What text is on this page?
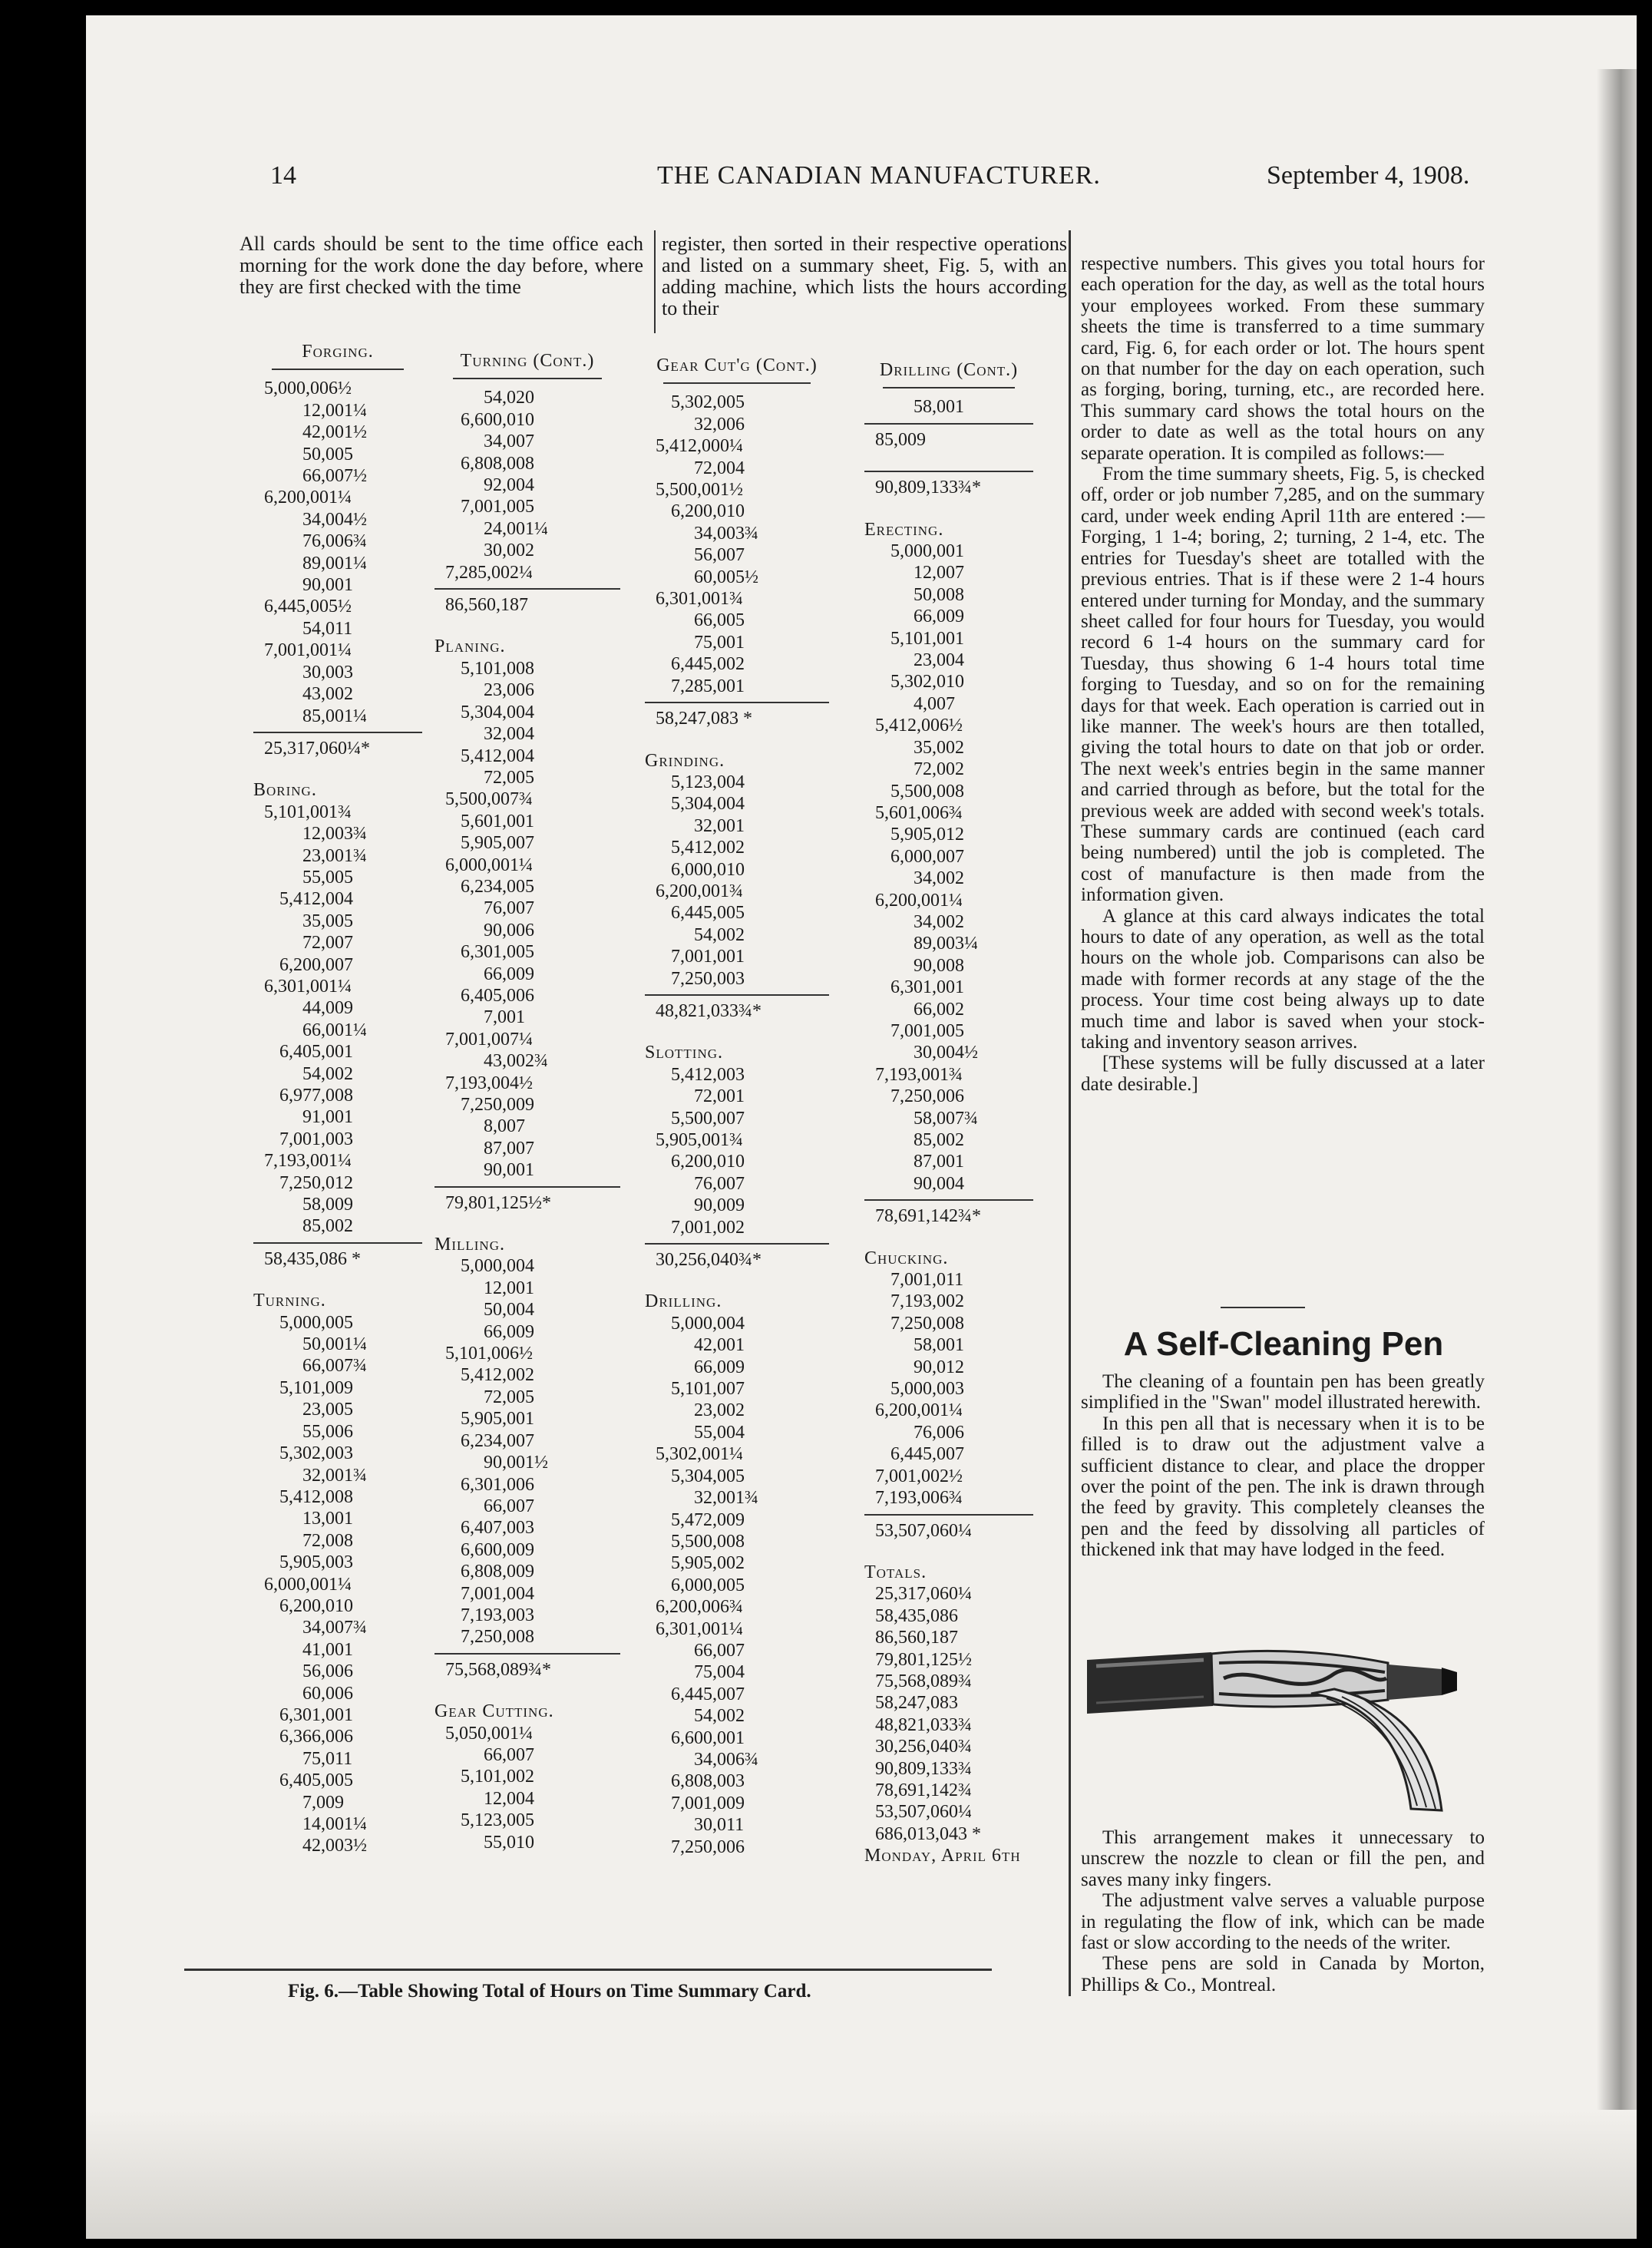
14	THE CANADIAN MANUFACTURER.	September 4, 1908.

All cards should be sent to the time office each morning for the work done the day before, where they are first checked with the time

register, then sorted in their respective operations and listed on a summary sheet, Fig. 5, with an adding machine, which lists the hours according to their

Forging.
5,000,006½
12,001¼
42,001½
50,005
66,007½
6,200,001¼
34,004½
76,006¾
89,001¼
90,001
6,445,005½
54,011
7,001,001¼
30,003
43,002
85,001¼
25,317,060¼*
Boring.
5,101,001¾
12,003¾
23,001¾
55,005
5,412,004
35,005
72,007
6,200,007
6,301,001¼
44,009
66,001¼
6,405,001
54,002
6,977,008
91,001
7,001,003
7,193,001¼
7,250,012
58,009
85,002
58,435,086 *
Turning.
5,000,005
50,001¼
66,007¾
5,101,009
23,005
55,006
5,302,003
32,001¾
5,412,008
13,001
72,008
5,905,003
6,000,001¼
6,200,010
34,007¾
41,001
56,006
60,006
6,301,001
6,366,006
75,011
6,405,005
7,009
14,001¼
42,003½
Turning (Cont.)
54,020
6,600,010
34,007
6,808,008
92,004
7,001,005
24,001¼
30,002
7,285,002¼
86,560,187
Planing.
5,101,008
23,006
5,304,004
32,004
5,412,004
72,005
5,500,007¾
5,601,001
5,905,007
6,000,001¼
6,234,005
76,007
90,006
6,301,005
66,009
6,405,006
7,001
7,001,007¼
43,002¾
7,193,004½
7,250,009
8,007
87,007
90,001
79,801,125½*
Milling.
5,000,004
12,001
50,004
66,009
5,101,006½
5,412,002
72,005
5,905,001
6,234,007
90,001½
6,301,006
66,007
6,407,003
6,600,009
6,808,009
7,001,004
7,193,003
7,250,008
75,568,089¾*
Gear Cutting.
5,050,001¼
66,007
5,101,002
12,004
5,123,005
55,010
Gear Cut'g (Cont.)
5,302,005
32,006
5,412,000¼
72,004
5,500,001½
6,200,010
34,003¾
56,007
60,005½
6,301,001¾
66,005
75,001
6,445,002
7,285,001
58,247,083 *
Grinding.
5,123,004
5,304,004
32,001
5,412,002
6,000,010
6,200,001¾
6,445,005
54,002
7,001,001
7,250,003
48,821,033¾*
Slotting.
5,412,003
72,001
5,500,007
5,905,001¾
6,200,010
76,007
90,009
7,001,002
30,256,040¾*
Drilling.
5,000,004
42,001
66,009
5,101,007
23,002
55,004
5,302,001¼
5,304,005
32,001¾
5,472,009
5,500,008
5,905,002
6,000,005
6,200,006¾
6,301,001¼
66,007
75,004
6,445,007
54,002
6,600,001
34,006¾
6,808,003
7,001,009
30,011
7,250,006
Drilling (Cont.)
58,001
85,009
90,809,133¾*
Erecting.
5,000,001
12,007
50,008
66,009
5,101,001
23,004
5,302,010
4,007
5,412,006½
35,002
72,002
5,500,008
5,601,006¾
5,905,012
6,000,007
34,002
6,200,001¼
34,002
89,003¼
90,008
6,301,001
66,002
7,001,005
30,004½
7,193,001¾
7,250,006
58,007¾
85,002
87,001
90,004
78,691,142¾*
Chucking.
7,001,011
7,193,002
7,250,008
58,001
90,012
5,000,003
6,200,001¼
76,006
6,445,007
7,001,002½
7,193,006¾
53,507,060¼
Totals.
25,317,060¼
58,435,086
86,560,187
79,801,125½
75,568,089¾
58,247,083
48,821,033¾
30,256,040¾
90,809,133¾
78,691,142¾
53,507,060¼
686,013,043 *
Monday, April 6th
Fig. 6.—Table Showing Total of Hours on Time Summary Card.

respective numbers. This gives you total hours for each operation for the day, as well as the total hours your employees worked. From these summary sheets the time is transferred to a time summary card, Fig. 6, for each order or lot. The hours spent on that number for the day on each operation, such as forging, boring, turning, etc., are recorded here. This summary card shows the total hours on the order to date as well as the total hours on any separate operation. It is compiled as follows:—

From the time summary sheets, Fig. 5, is checked off, order or job number 7,285, and on the summary card, under week ending April 11th are entered :—Forging, 1 1-4; boring, 2; turning, 2 1-4, etc. The entries for Tuesday's sheet are totalled with the previous entries. That is if these were 2 1-4 hours entered under turning for Monday, and the summary sheet called for four hours for Tuesday, you would record 6 1-4 hours on the summary card for Tuesday, thus showing 6 1-4 hours total time forging to Tuesday, and so on for the remaining days for that week. Each operation is carried out in like manner. The week's hours are then totalled, giving the total hours to date on that job or order. The next week's entries begin in the same manner and carried through as before, but the total for the previous week are added with second week's totals. These summary cards are continued (each card being numbered) until the job is completed. The cost of manufacture is then made from the information given.

A glance at this card always indicates the total hours to date of any operation, as well as the total hours on the whole job. Comparisons can also be made with former records at any stage of the the process. Your time cost being always up to date much time and labor is saved when your stock-taking and inventory season arrives.

[These systems will be fully discussed at a later date desirable.]

A Self-Cleaning Pen

The cleaning of a fountain pen has been greatly simplified in the "Swan" model illustrated herewith.

In this pen all that is necessary when it is to be filled is to draw out the adjustment valve a sufficient distance to clear, and place the dropper over the point of the pen. The ink is drawn through the feed by gravity. This completely cleanses the pen and the feed by dissolving all particles of thickened ink that may have lodged in the feed.

This arrangement makes it unnecessary to unscrew the nozzle to clean or fill the pen, and saves many inky fingers.

The adjustment valve serves a valuable purpose in regulating the flow of ink, which can be made fast or slow according to the needs of the writer.

These pens are sold in Canada by Morton, Phillips & Co., Montreal.
